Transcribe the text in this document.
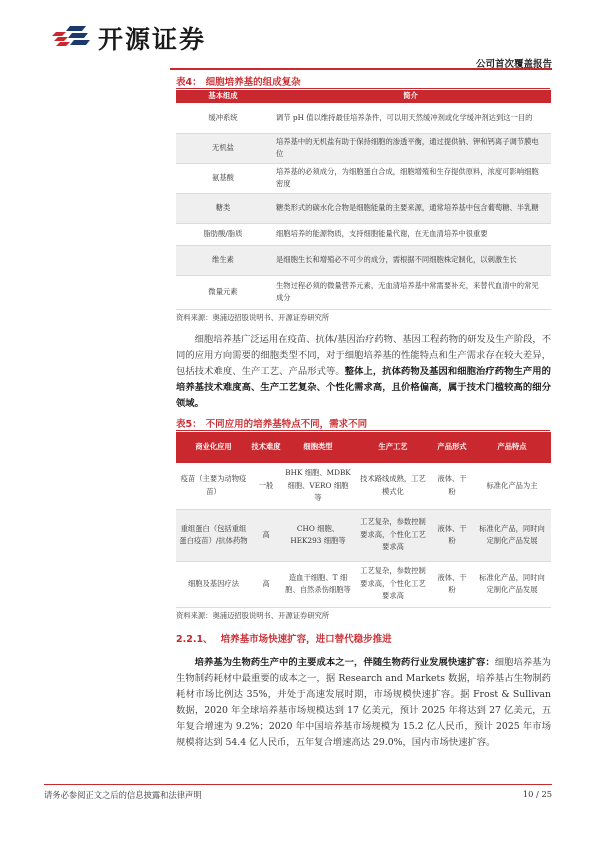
开源证券
公司首次覆盖报告
表4： 细胞培养基的组成复杂
基本组成	简介
缓冲系统	调节 pH 值以维持最佳培养条件，可以用天然缓冲剂或化学缓冲剂达到这一目的
无机盐	培养基中的无机盐有助于保持细胞的渗透平衡，通过提供钠、钾和钙离子调节膜电位
氨基酸	培养基的必须成分，为细胞蛋白合成，细胞增殖和生存提供原料，浓度可影响细胞密度
糖类	糖类形式的碳水化合物是细胞能量的主要来源，通常培养基中包含葡萄糖、半乳糖
脂肪酸/脂质	细胞培养的能源物质，支持细胞能量代谢，在无血清培养中很重要
维生素	是细胞生长和增殖必不可少的成分，需根据不同细胞株定制化，以刺激生长
微量元素	生物过程必须的微量营养元素，无血清培养基中常需要补充，来替代血清中的常见成分
资料来源：奥浦迈招股说明书、开源证券研究所

细胞培养基广泛运用在疫苗、抗体/基因治疗药物、基因工程药物的研发及生产阶段，不同的应用方向需要的细胞类型不同，对于细胞培养基的性能特点和生产需求存在较大差异，包括技术难度、生产工艺、产品形式等。整体上，抗体药物及基因和细胞治疗药物生产用的培养基技术难度高、生产工艺复杂、个性化需求高，且价格偏高，属于技术门槛较高的细分领域。

表5： 不同应用的培养基特点不同，需求不同
商业化应用	技术难度	细胞类型	生产工艺	产品形式	产品特点
疫苗（主要为动物疫苗）	一般	BHK 细胞、MDBK 细胞、VERO 细胞等	技术路线成熟，工艺模式化	液体、干粉	标准化产品为主
重组蛋白（包括重组蛋白疫苗）/抗体药物	高	CHO 细胞、HEK293 细胞等	工艺复杂，参数控制要求高，个性化工艺要求高	液体、干粉	标准化产品，同时向定制化产品发展
细胞及基因疗法	高	造血干细胞、T 细胞、自然杀伤细胞等	工艺复杂，参数控制要求高，个性化工艺要求高	液体、干粉	标准化产品，同时向定制化产品发展
资料来源：奥浦迈招股说明书、开源证券研究所
2.2.1、 培养基市场快速扩容，进口替代稳步推进

培养基为生物药生产中的主要成本之一，伴随生物药行业发展快速扩容：细胞培养基为生物制药耗材中最重要的成本之一，据 Research and Markets 数据，培养基占生物制药耗材市场比例达 35%，并处于高速发展时期，市场规模快速扩容。据 Frost & Sullivan 数据，2020 年全球培养基市场规模达到 17 亿美元，预计 2025 年将达到 27 亿美元，五年复合增速为 9.2%；2020 年中国培养基市场规模为 15.2 亿人民币，预计 2025 年市场规模将达到 54.4 亿人民币，五年复合增速高达 29.0%，国内市场快速扩容。

请务必参阅正文之后的信息披露和法律声明	10 / 25
